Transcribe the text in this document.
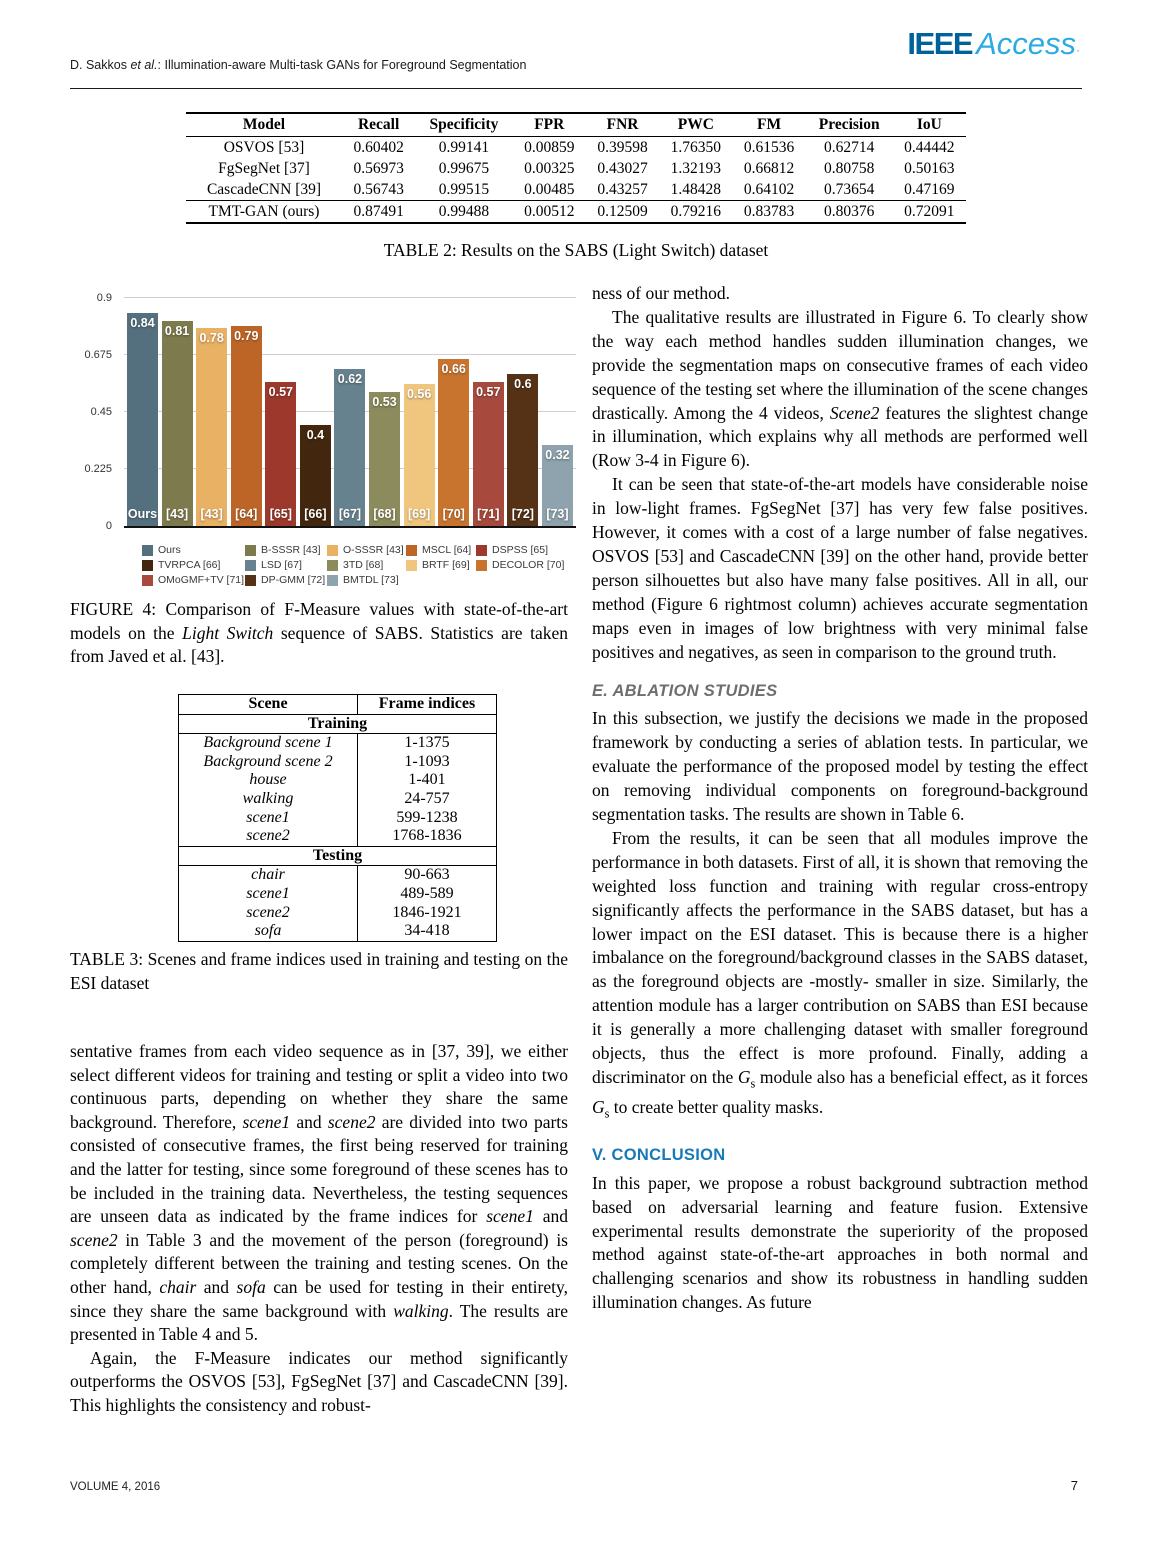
D. Sakkos et al.: Illumination-aware Multi-task GANs for Foreground Segmentation
IEEE Access ·
Model	Recall	Specificity	FPR	FNR	PWC	FM	Precision	IoU
OSVOS [53]	0.60402	0.99141	0.00859	0.39598	1.76350	0.61536	0.62714	0.44442
FgSegNet [37]	0.56973	0.99675	0.00325	0.43027	1.32193	0.66812	0.80758	0.50163
CascadeCNN [39]	0.56743	0.99515	0.00485	0.43257	1.48428	0.64102	0.73654	0.47169
TMT-GAN (ours)	0.87491	0.99488	0.00512	0.12509	0.79216	0.83783	0.80376	0.72091
TABLE 2: Results on the SABS (Light Switch) dataset
0
0.225
0.45
0.675
0.9
0.84
Ours
0.81
[43]
0.78
[43]
0.79
[64]
0.57
[65]
0.4
[66]
0.62
[67]
0.53
[68]
0.56
[69]
0.66
[70]
0.57
[71]
0.6
[72]
0.32
[73]
Ours	B-SSSR [43] O-SSSR [43] MSCL [64] DSPSS [65]
TVRPCA [66]	LSD [67]	3TD [68]	BRTF [69] DECOLOR [70]
OMoGMF+TV [71] DP-GMM [72] BMTDL [73]
FIGURE 4: Comparison of F-Measure values with state-of-the-art models on the Light Switch sequence of SABS. Statistics are taken from Javed et al. [43].
Scene	Frame indices
Training	
Background scene 1	1-1375
Background scene 2	1-1093
house	1-401
walking	24-757
scene1	599-1238
scene2	1768-1836
Testing	
chair	90-663
scene1	489-589
scene2	1846-1921
sofa	34-418
TABLE 3: Scenes and frame indices used in training and testing on the ESI dataset
sentative frames from each video sequence as in [37, 39], we either select different videos for training and testing or split a video into two continuous parts, depending on whether they share the same background. Therefore, scene1 and scene2 are divided into two parts consisted of consecutive frames, the first being reserved for training and the latter for testing, since some foreground of these scenes has to be included in the training data. Nevertheless, the testing sequences are unseen data as indicated by the frame indices for scene1 and scene2 in Table 3 and the movement of the person (foreground) is completely different between the training and testing scenes. On the other hand, chair and sofa can be used for testing in their entirety, since they share the same background with walking. The results are presented in Table 4 and 5.
Again, the F-Measure indicates our method significantly outperforms the OSVOS [53], FgSegNet [37] and CascadeCNN [39]. This highlights the consistency and robust-
ness of our method.
The qualitative results are illustrated in Figure 6. To clearly show the way each method handles sudden illumination changes, we provide the segmentation maps on consecutive frames of each video sequence of the testing set where the illumination of the scene changes drastically. Among the 4 videos, Scene2 features the slightest change in illumination, which explains why all methods are performed well (Row 3-4 in Figure 6).
It can be seen that state-of-the-art models have considerable noise in low-light frames. FgSegNet [37] has very few false positives. However, it comes with a cost of a large number of false negatives. OSVOS [53] and CascadeCNN [39] on the other hand, provide better person silhouettes but also have many false positives. All in all, our method (Figure 6 rightmost column) achieves accurate segmentation maps even in images of low brightness with very minimal false positives and negatives, as seen in comparison to the ground truth.
E. ABLATION STUDIES
In this subsection, we justify the decisions we made in the proposed framework by conducting a series of ablation tests. In particular, we evaluate the performance of the proposed model by testing the effect on removing individual components on foreground-background segmentation tasks. The results are shown in Table 6.
From the results, it can be seen that all modules improve the performance in both datasets. First of all, it is shown that removing the weighted loss function and training with regular cross-entropy significantly affects the performance in the SABS dataset, but has a lower impact on the ESI dataset. This is because there is a higher imbalance on the foreground/background classes in the SABS dataset, as the foreground objects are -mostly- smaller in size. Similarly, the attention module has a larger contribution on SABS than ESI because it is generally a more challenging dataset with smaller foreground objects, thus the effect is more profound. Finally, adding a discriminator on the $G_s$ module also has a beneficial effect, as it forces $G_s$ to create better quality masks.
V. CONCLUSION
In this paper, we propose a robust background subtraction method based on adversarial learning and feature fusion. Extensive experimental results demonstrate the superiority of the proposed method against state-of-the-art approaches in both normal and challenging scenarios and show its robustness in handling sudden illumination changes. As future
VOLUME 4, 2016	7
